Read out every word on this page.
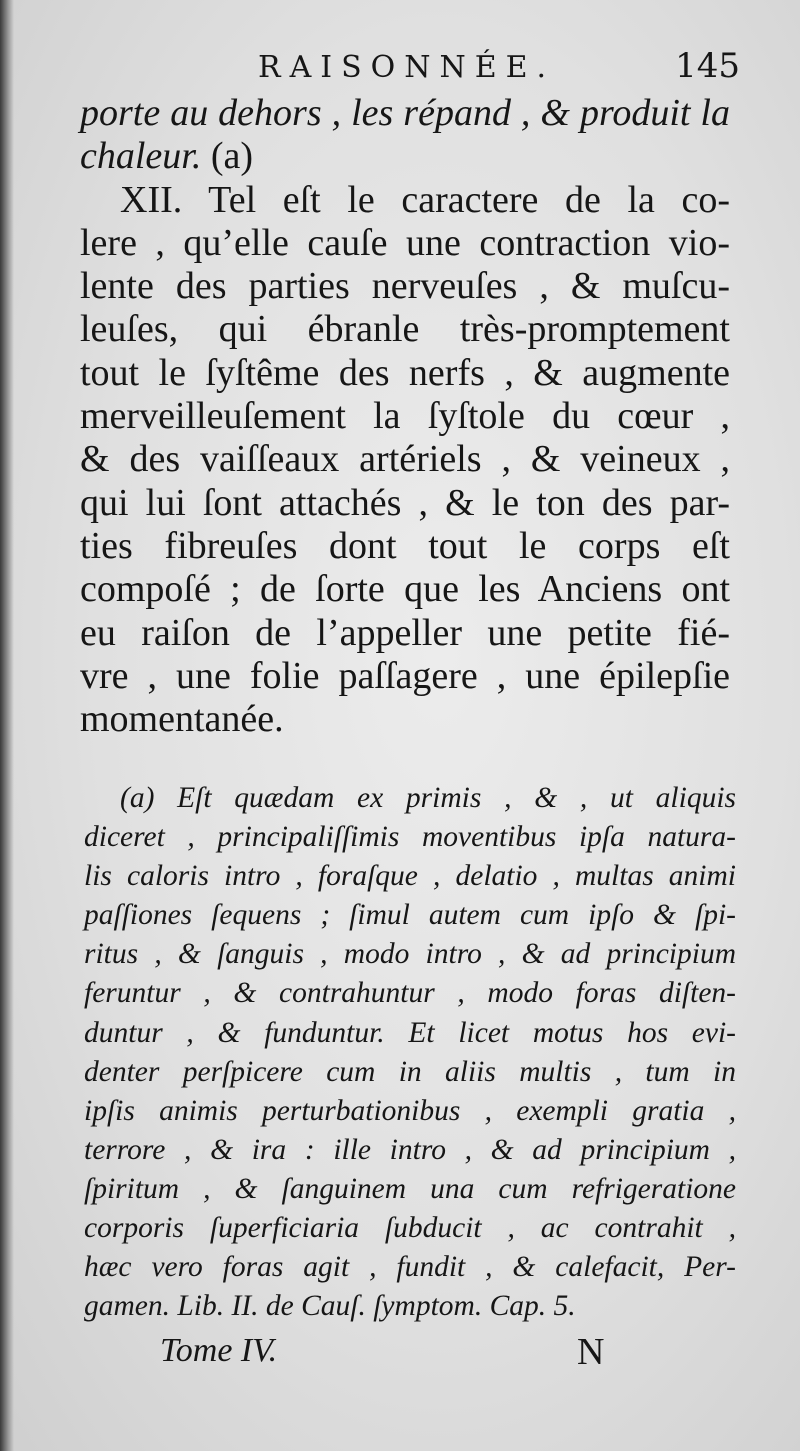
RAISONNÉE.	145
porte au dehors , les répand , & produit la
chaleur. (a)
XII. Tel eſt le caractere de la co-
lere , qu’elle cauſe une contraction vio-
lente des parties nerveuſes , & muſcu-
leuſes, qui ébranle très-promptement
tout le ſyſtême des nerfs , & augmente
merveilleuſement la ſyſtole du cœur ,
& des vaiſſeaux artériels , & veineux ,
qui lui ſont attachés , & le ton des par-
ties fibreuſes dont tout le corps eſt
compoſé ; de ſorte que les Anciens ont
eu raiſon de l’appeller une petite fié-
vre , une folie paſſagere , une épilepſie
momentanée.
(a) Eſt quædam ex primis , & , ut aliquis
diceret , principaliſſimis moventibus ipſa natura-
lis caloris intro , foraſque , delatio , multas animi
paſſiones ſequens ; ſimul autem cum ipſo & ſpi-
ritus , & ſanguis , modo intro , & ad principium
feruntur , & contrahuntur , modo foras diſten-
duntur , & funduntur. Et licet motus hos evi-
denter perſpicere cum in aliis multis , tum in
ipſis animis perturbationibus , exempli gratia ,
terrore , & ira : ille intro , & ad principium ,
ſpiritum , & ſanguinem una cum refrigeratione
corporis ſuperficiaria ſubducit , ac contrahit ,
hæc vero foras agit , fundit , & calefacit, Per-
gamen. Lib. II. de Cauſ. ſymptom. Cap. 5.
Tome IV.	N
